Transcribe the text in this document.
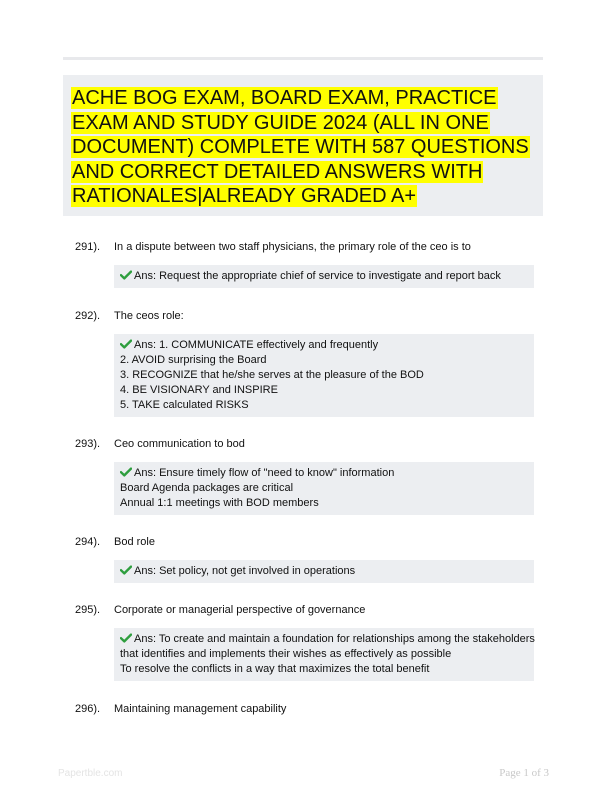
ACHE BOG EXAM, BOARD EXAM, PRACTICE
EXAM AND STUDY GUIDE 2024 (ALL IN ONE
DOCUMENT) COMPLETE WITH 587 QUESTIONS
AND CORRECT DETAILED ANSWERS WITH
RATIONALES|ALREADY GRADED A+

291). In a dispute between two staff physicians, the primary role of the ceo is to
Ans: Request the appropriate chief of service to investigate and report back
292). The ceos role:
Ans: 1. COMMUNICATE effectively and frequently
2. AVOID surprising the Board
3. RECOGNIZE that he/she serves at the pleasure of the BOD
4. BE VISIONARY and INSPIRE
5. TAKE calculated RISKS
293). Ceo communication to bod
Ans: Ensure timely flow of "need to know" information
Board Agenda packages are critical
Annual 1:1 meetings with BOD members
294). Bod role
Ans: Set policy, not get involved in operations
295). Corporate or managerial perspective of governance
Ans: To create and maintain a foundation for relationships among the stakeholders
that identifies and implements their wishes as effectively as possible
To resolve the conflicts in a way that maximizes the total benefit
296). Maintaining management capability
Papertble.com	Page 1 of 3
